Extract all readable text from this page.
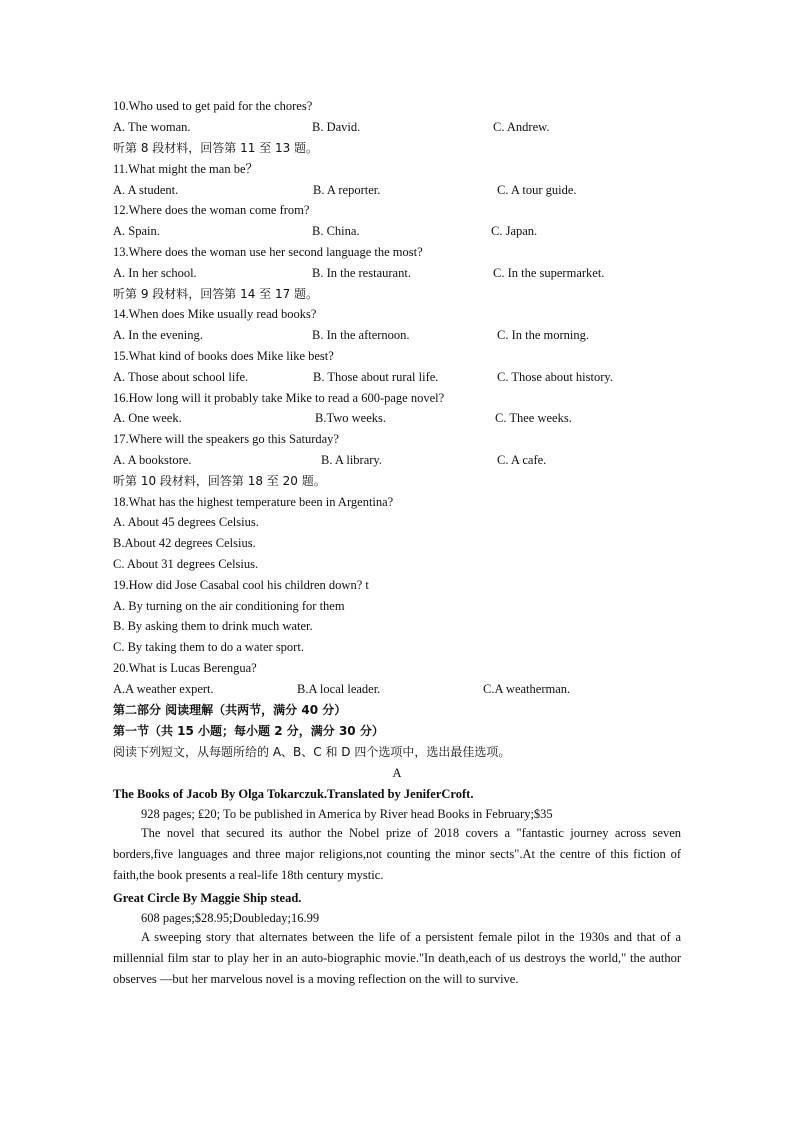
10.Who used to get paid for the chores?
A. The woman.	B. David.	C. Andrew.
听第 8 段材料，回答第 11 至 13 题。
11.What might the man be？
A. A student.	B. A reporter.	C. A tour guide.
12.Where does the woman come from?
A. Spain.	B. China.	C. Japan.
13.Where does the woman use her second language the most?
A. In her school.	B. In the restaurant.	C. In the supermarket.
听第 9 段材料，回答第 14 至 17 题。
14.When does Mike usually read books?
A. In the evening.	B. In the afternoon.	C. In the morning.
15.What kind of books does Mike like best?
A. Those about school life.	B. Those about rural life.	C. Those about history.
16.How long will it probably take Mike to read a 600-page novel?
A. One week.	B.Two weeks.	C. Thee weeks.
17.Where will the speakers go this Saturday?
A. A bookstore.	B. A library.	C. A cafe.
听第 10 段材料，回答第 18 至 20 题。
18.What has the highest temperature been in Argentina?
A. About 45 degrees Celsius.
B.About 42 degrees Celsius.
C. About 31 degrees Celsius.
19.How did Jose Casabal cool his children down? t
A. By turning on the air conditioning for them
B. By asking them to drink much water.
C. By taking them to do a water sport.
20.What is Lucas Berengua?
A.A weather expert.	B.A local leader.	C.A weatherman.
第二部分 阅读理解（共两节，满分 40 分）
第一节（共 15 小题；每小题 2 分，满分 30 分）
阅读下列短文，从每题所给的 A、B、C 和 D 四个选项中，选出最佳选项。
A
The Books of Jacob By Olga Tokarczuk.Translated by JeniferCroft.
928 pages; ₤20; To be published in America by River head Books in February;$35

The novel that secured its author the Nobel prize of 2018 covers a "fantastic journey across seven borders,five languages and three major religions,not counting the minor sects".At the centre of this fiction of faith,the book presents a real-life 18th century mystic.

Great Circle By Maggie Ship stead.
608 pages;$28.95;Doubleday;16.99

A sweeping story that alternates between the life of a persistent female pilot in the 1930s and that of a millennial film star to play her in an auto-biographic movie."In death,each of us destroys the world," the author observes —but her marvelous novel is a moving reflection on the will to survive.
